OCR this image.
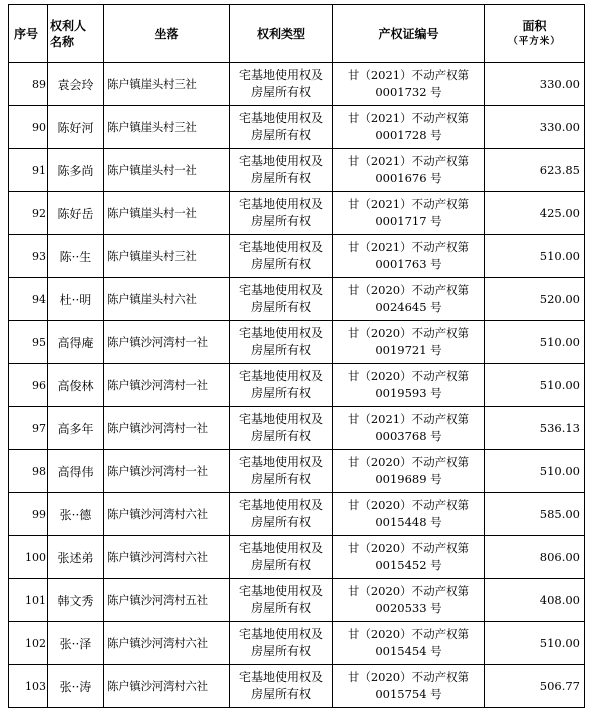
序号	权利人
名称	坐落	权利类型	产权证编号	面积
（平方米）

89	袁会玲	陈户镇崖头村三社	宅基地使用权及
房屋所有权	甘（2021）不动产权第
0001732 号	330.00
90	陈好河	陈户镇崖头村三社	宅基地使用权及
房屋所有权	甘（2021）不动产权第
0001728 号	330.00
91	陈多尚	陈户镇崖头村一社	宅基地使用权及
房屋所有权	甘（2021）不动产权第
0001676 号	623.85
92	陈好岳	陈户镇崖头村一社	宅基地使用权及
房屋所有权	甘（2021）不动产权第
0001717 号	425.00
93	陈··生	陈户镇崖头村三社	宅基地使用权及
房屋所有权	甘（2021）不动产权第
0001763 号	510.00
94	杜··明	陈户镇崖头村六社	宅基地使用权及
房屋所有权	甘（2020）不动产权第
0024645 号	520.00
95	高得庵	陈户镇沙河湾村一社	宅基地使用权及
房屋所有权	甘（2020）不动产权第
0019721 号	510.00
96	高俊林	陈户镇沙河湾村一社	宅基地使用权及
房屋所有权	甘（2020）不动产权第
0019593 号	510.00
97	高多年	陈户镇沙河湾村一社	宅基地使用权及
房屋所有权	甘（2021）不动产权第
0003768 号	536.13
98	高得伟	陈户镇沙河湾村一社	宅基地使用权及
房屋所有权	甘（2020）不动产权第
0019689 号	510.00
99	张··德	陈户镇沙河湾村六社	宅基地使用权及
房屋所有权	甘（2020）不动产权第
0015448 号	585.00
100	张述弟	陈户镇沙河湾村六社	宅基地使用权及
房屋所有权	甘（2020）不动产权第
0015452 号	806.00
101	韩文秀	陈户镇沙河湾村五社	宅基地使用权及
房屋所有权	甘（2020）不动产权第
0020533 号	408.00
102	张··泽	陈户镇沙河湾村六社	宅基地使用权及
房屋所有权	甘（2020）不动产权第
0015454 号	510.00
103	张··涛	陈户镇沙河湾村六社	宅基地使用权及
房屋所有权	甘（2020）不动产权第
0015754 号	506.77
